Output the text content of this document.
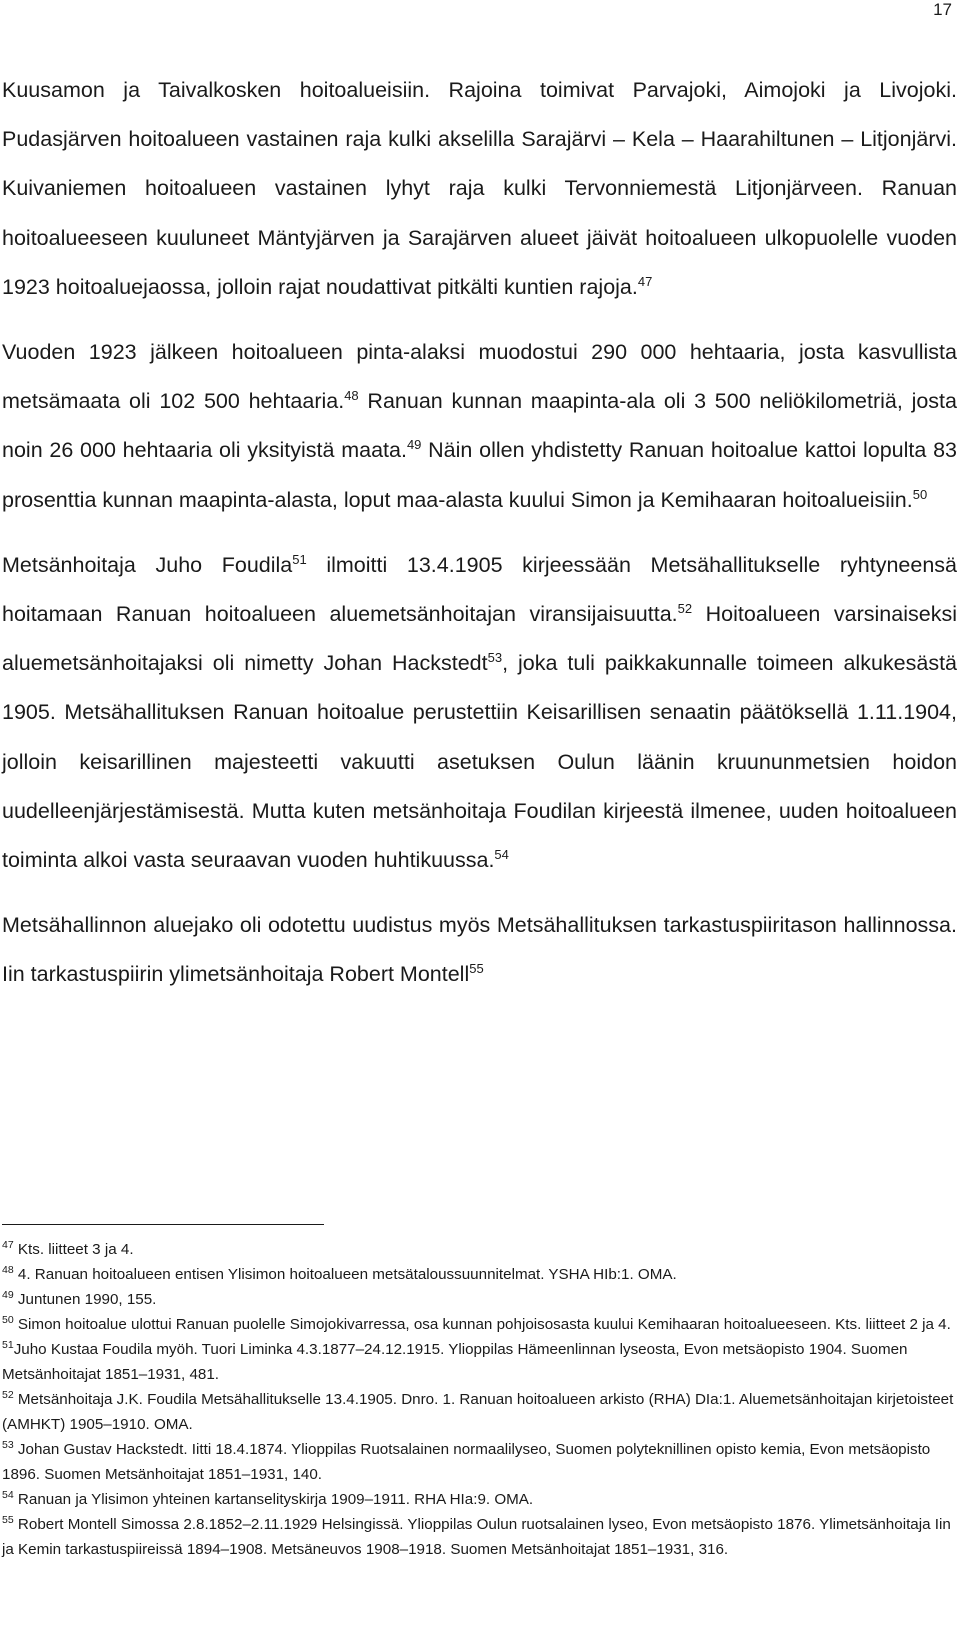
17

Kuusamon ja Taivalkosken hoitoalueisiin. Rajoina toimivat Parvajoki, Aimojoki ja Livojoki. Pudasjärven hoitoalueen vastainen raja kulki akselilla Sarajärvi – Kela – Haarahiltunen – Litjonjärvi. Kuivaniemen hoitoalueen vastainen lyhyt raja kulki Tervonniemestä Litjonjärveen. Ranuan hoitoalueeseen kuuluneet Mäntyjärven ja Sarajärven alueet jäivät hoitoalueen ulkopuolelle vuoden 1923 hoitoaluejaossa, jolloin rajat noudattivat pitkälti kuntien rajoja.$^{47}$

Vuoden 1923 jälkeen hoitoalueen pinta-alaksi muodostui 290 000 hehtaaria, josta kasvullista metsämaata oli 102 500 hehtaaria.$^{48}$ Ranuan kunnan maapinta-ala oli 3 500 neliökilometriä, josta noin 26 000 hehtaaria oli yksityistä maata.$^{49}$ Näin ollen yhdistetty Ranuan hoitoalue kattoi lopulta 83 prosenttia kunnan maapinta-alasta, loput maa-alasta kuului Simon ja Kemihaaran hoitoalueisiin.$^{50}$

Metsänhoitaja Juho Foudila$^{51}$ ilmoitti 13.4.1905 kirjeessään Metsähallitukselle ryhtyneensä hoitamaan Ranuan hoitoalueen aluemetsänhoitajan viransijaisuutta.$^{52}$ Hoitoalueen varsinaiseksi aluemetsänhoitajaksi oli nimetty Johan Hackstedt$^{53}$, joka tuli paikkakunnalle toimeen alkukesästä 1905. Metsähallituksen Ranuan hoitoalue perustettiin Keisarillisen senaatin päätöksellä 1.11.1904, jolloin keisarillinen majesteetti vakuutti asetuksen Oulun läänin kruununmetsien hoidon uudelleenjärjestämisestä. Mutta kuten metsänhoitaja Foudilan kirjeestä ilmenee, uuden hoitoalueen toiminta alkoi vasta seuraavan vuoden huhtikuussa.$^{54}$

Metsähallinnon aluejako oli odotettu uudistus myös Metsähallituksen tarkastuspiiritason hallinnossa. Iin tarkastuspiirin ylimetsänhoitaja Robert Montell$^{55}$

$^{47}$ Kts. liitteet 3 ja 4.

$^{48}$ 4. Ranuan hoitoalueen entisen Ylisimon hoitoalueen metsätaloussuunnitelmat. YSHA HIb:1. OMA.

$^{49}$ Juntunen 1990, 155.

$^{50}$ Simon hoitoalue ulottui Ranuan puolelle Simojokivarressa, osa kunnan pohjoisosasta kuului Kemihaaran hoitoalueeseen. Kts. liitteet 2 ja 4.

$^{51}$Juho Kustaa Foudila myöh. Tuori Liminka 4.3.1877–24.12.1915. Ylioppilas Hämeenlinnan lyseosta, Evon metsäopisto 1904. Suomen Metsänhoitajat 1851–1931, 481.

$^{52}$ Metsänhoitaja J.K. Foudila Metsähallitukselle 13.4.1905. Dnro. 1. Ranuan hoitoalueen arkisto (RHA) DIa:1. Aluemetsänhoitajan kirjetoisteet (AMHKT) 1905–1910. OMA.

$^{53}$ Johan Gustav Hackstedt. Iitti 18.4.1874. Ylioppilas Ruotsalainen normaalilyseo, Suomen polyteknillinen opisto kemia, Evon metsäopisto 1896. Suomen Metsänhoitajat 1851–1931, 140.

$^{54}$ Ranuan ja Ylisimon yhteinen kartanselityskirja 1909–1911. RHA HIa:9. OMA.

$^{55}$ Robert Montell Simossa 2.8.1852–2.11.1929 Helsingissä. Ylioppilas Oulun ruotsalainen lyseo, Evon metsäopisto 1876. Ylimetsänhoitaja Iin ja Kemin tarkastuspiireissä 1894–1908. Metsäneuvos 1908–1918. Suomen Metsänhoitajat 1851–1931, 316.
